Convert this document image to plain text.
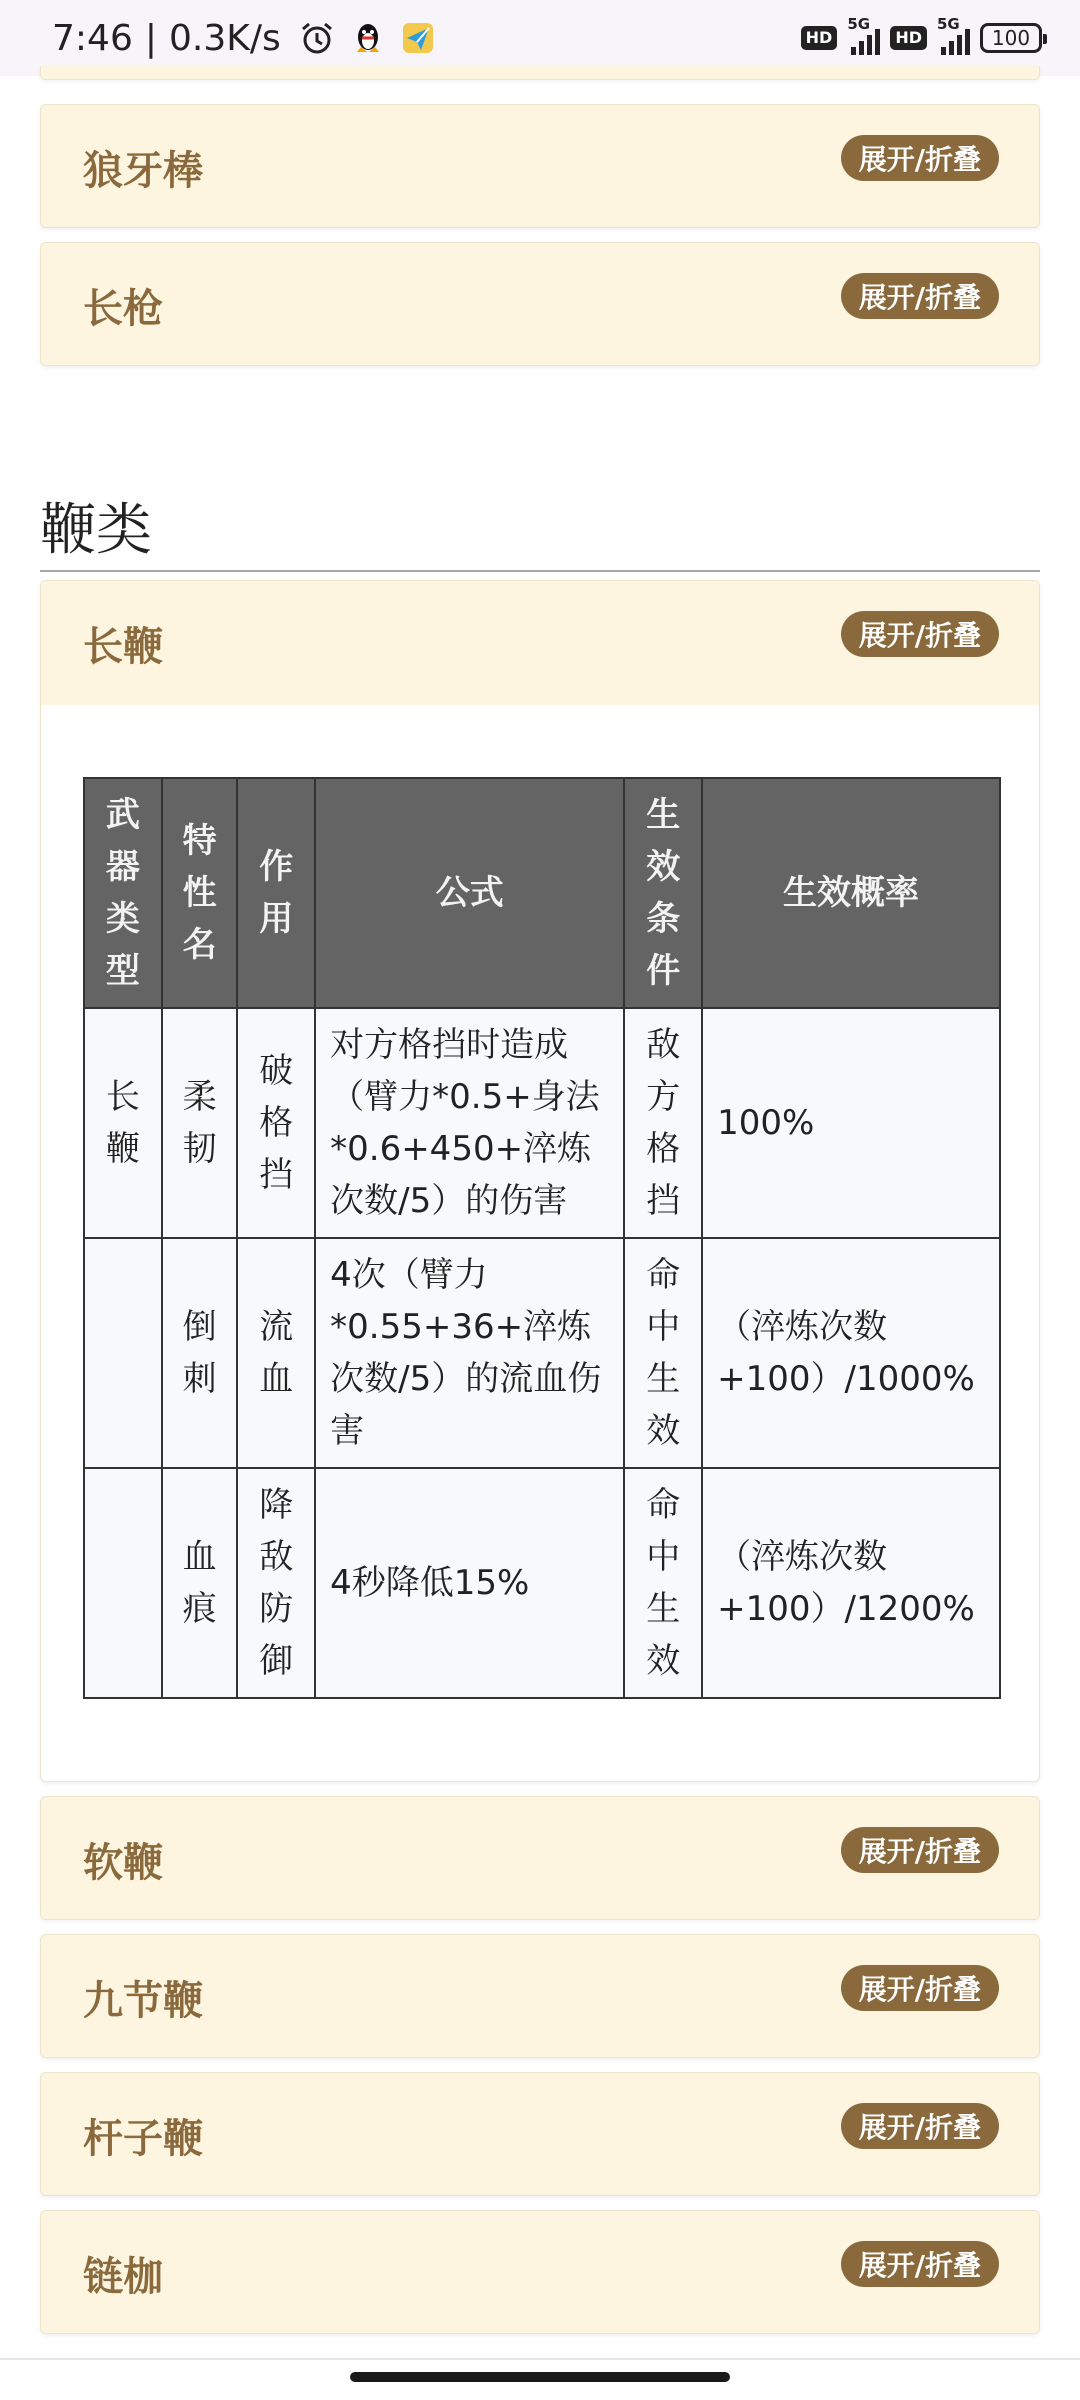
7:46 | 0.3K/s	HD
5G
HD
5G
100
狼牙棒	展开/折叠
长枪	展开/折叠
鞭类
长鞭	展开/折叠
武器类型	特性名	作用	公式	生效条件	生效概率
长鞭	柔韧	破格挡	对方格挡时造成（臂力*0.5+身法*0.6+450+淬炼次数/5）的伤害	敌方格挡	100%
	倒刺	流血	4次（臂力*0.55+36+淬炼次数/5）的流血伤害	命中生效	（淬炼次数+100）/1000%
	血痕	降敌防御	4秒降低15%	命中生效	（淬炼次数+100）/1200%
软鞭	展开/折叠
九节鞭	展开/折叠
杆子鞭	展开/折叠
链枷	展开/折叠
